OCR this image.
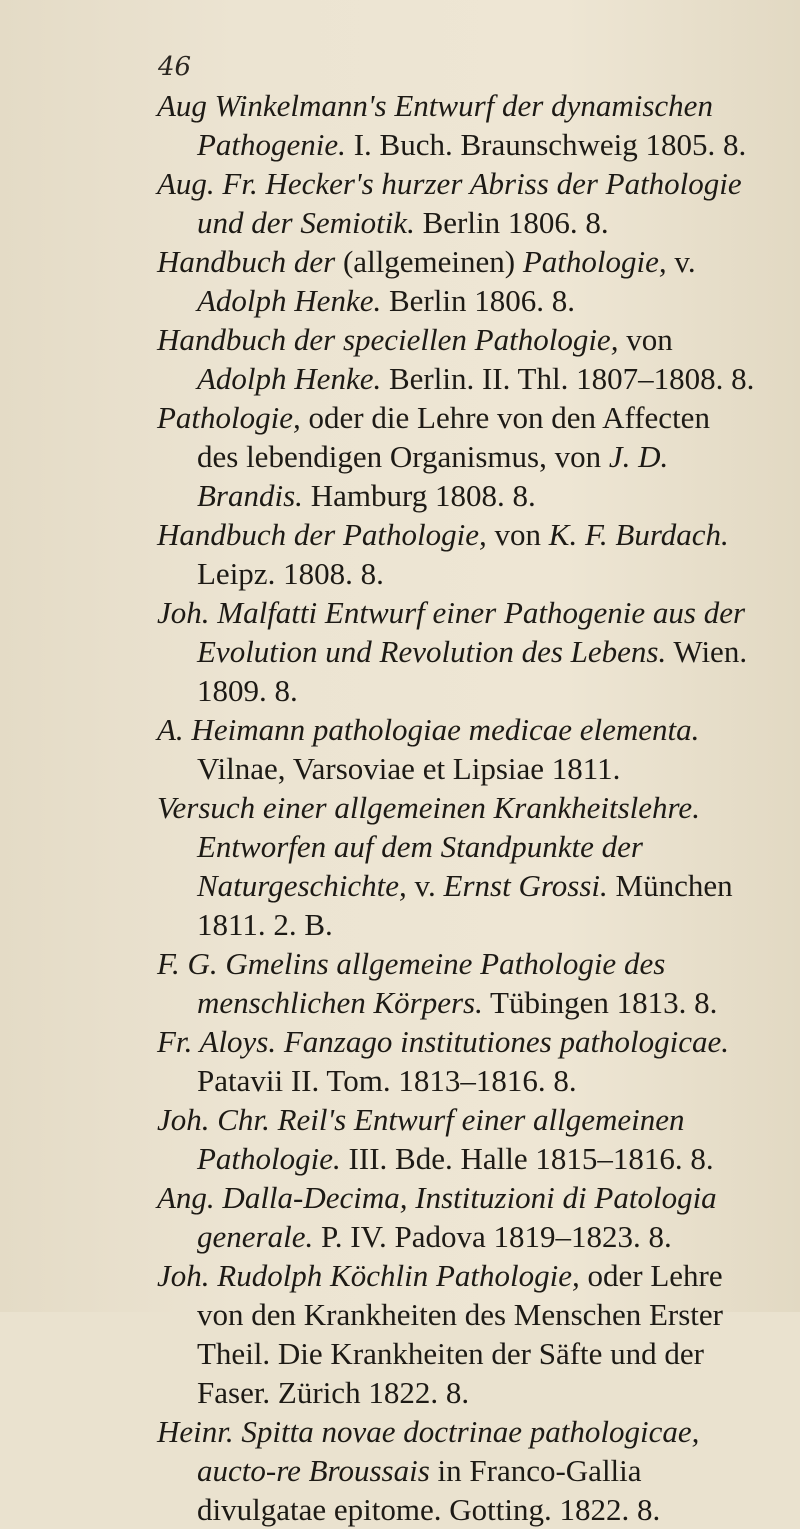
46

Aug Winkelmann's Entwurf der dynamischen Pathogenie. I. Buch. Braunschweig 1805. 8.

Aug. Fr. Hecker's hurzer Abriss der Pathologie und der Semiotik. Berlin 1806. 8.

Handbuch der (allgemeinen) Pathologie, v. Adolph Henke. Berlin 1806. 8.

Handbuch der speciellen Pathologie, von Adolph Henke. Berlin. II. Thl. 1807–1808. 8.

Pathologie, oder die Lehre von den Affecten des lebendigen Organismus, von J. D. Brandis. Hamburg 1808. 8.

Handbuch der Pathologie, von K. F. Burdach. Leipz. 1808. 8.

Joh. Malfatti Entwurf einer Pathogenie aus der Evolution und Revolution des Lebens. Wien. 1809. 8.

A. Heimann pathologiae medicae elementa. Vilnae, Varsoviae et Lipsiae 1811.

Versuch einer allgemeinen Krankheitslehre. Entworfen auf dem Standpunkte der Naturgeschichte, v. Ernst Grossi. München 1811. 2. B.

F. G. Gmelins allgemeine Pathologie des menschlichen Körpers. Tübingen 1813. 8.

Fr. Aloys. Fanzago institutiones pathologicae. Patavii II. Tom. 1813–1816. 8.

Joh. Chr. Reil's Entwurf einer allgemeinen Pathologie. III. Bde. Halle 1815–1816. 8.

Ang. Dalla-Decima, Instituzioni di Patologia generale. P. IV. Padova 1819–1823. 8.

Joh. Rudolph Köchlin Pathologie, oder Lehre von den Krankheiten des Menschen Erster Theil. Die Krankheiten der Säfte und der Faser. Zürich 1822. 8.

Heinr. Spitta novae doctrinae pathologicae, aucto-re Broussais in Franco-Gallia divulgatae epitome. Gotting. 1822. 8.
